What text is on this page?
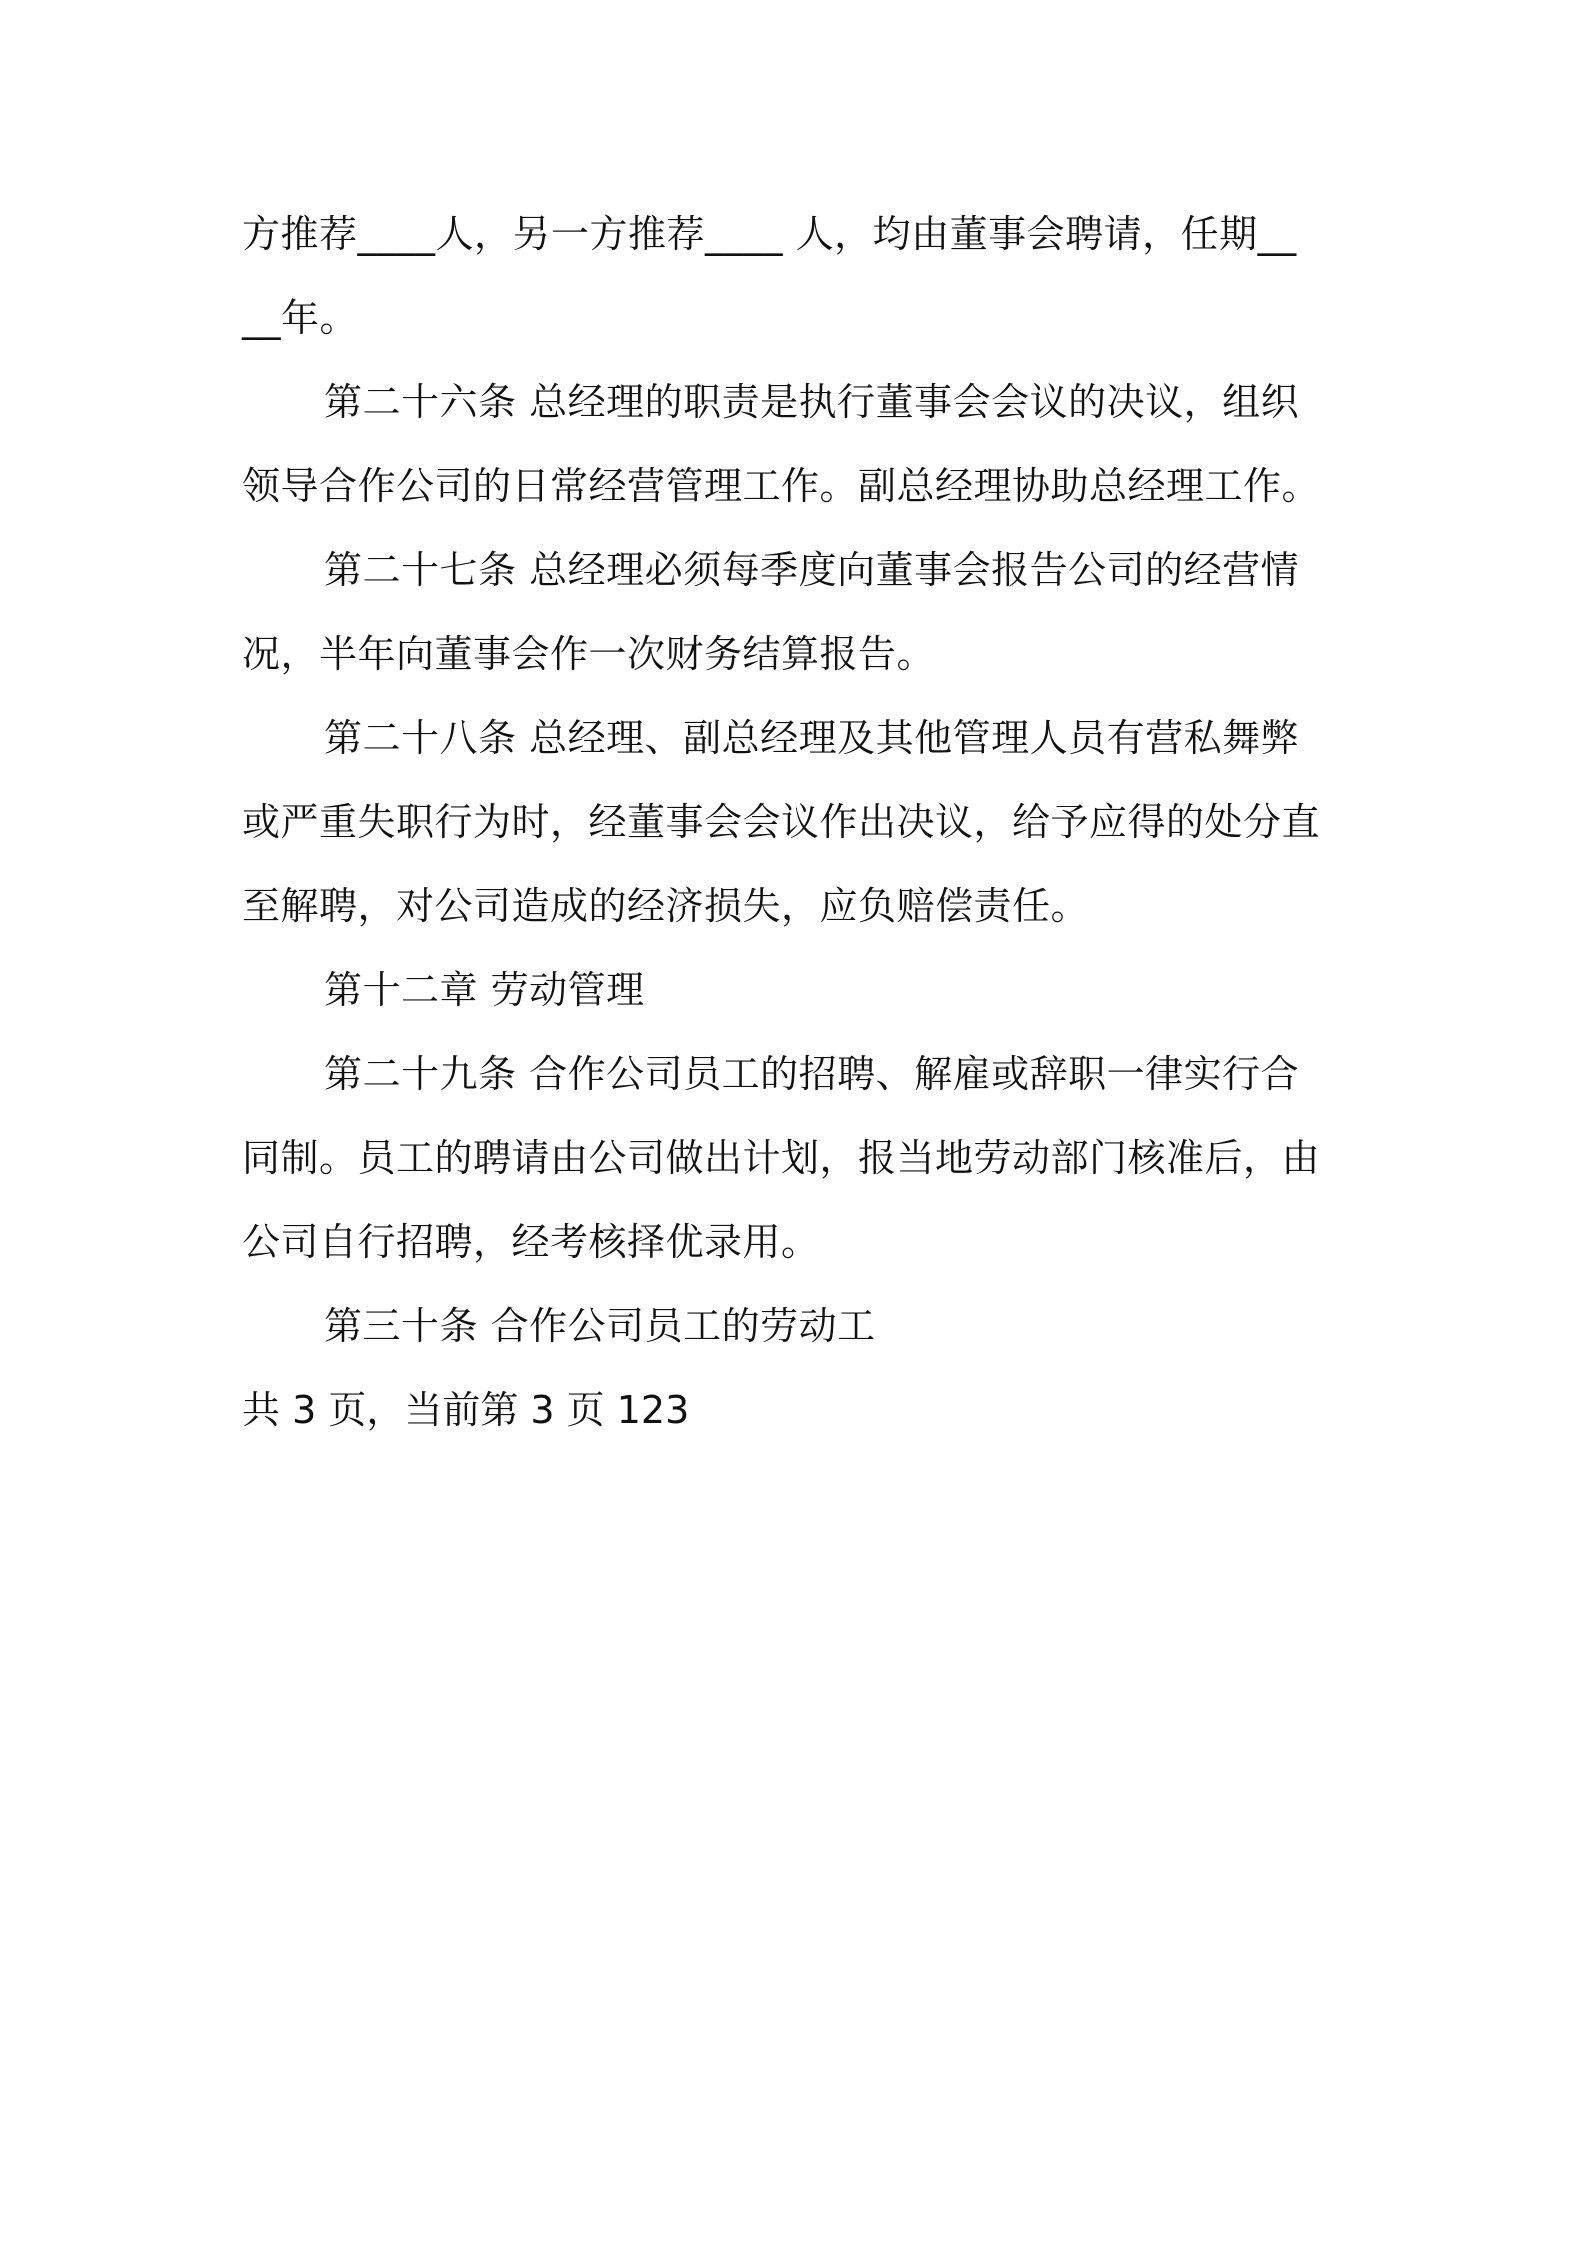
方推荐____人，另一方推荐____ 人，均由董事会聘请，任期__
__年。
第二十六条 总经理的职责是执行董事会会议的决议，组织
领导合作公司的日常经营管理工作。副总经理协助总经理工作。
第二十七条 总经理必须每季度向董事会报告公司的经营情
况，半年向董事会作一次财务结算报告。
第二十八条 总经理、副总经理及其他管理人员有营私舞弊
或严重失职行为时，经董事会会议作出决议，给予应得的处分直
至解聘，对公司造成的经济损失，应负赔偿责任。
第十二章 劳动管理
第二十九条 合作公司员工的招聘、解雇或辞职一律实行合
同制。员工的聘请由公司做出计划，报当地劳动部门核准后，由
公司自行招聘，经考核择优录用。
第三十条 合作公司员工的劳动工
共 3 页，当前第 3 页 123
